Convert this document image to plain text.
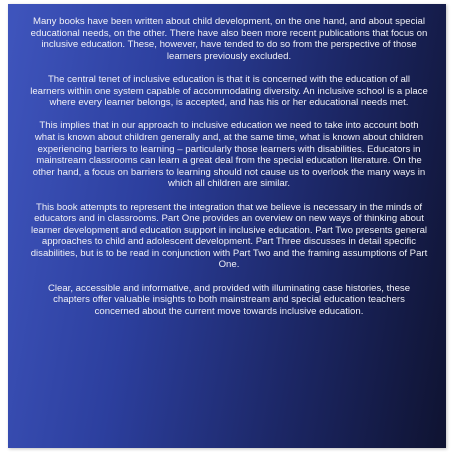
Many books have been written about child development, on the one hand, and about special educational needs, on the other. There have also been more recent publications that focus on inclusive education. These, however, have tended to do so from the perspective of those learners previously excluded.

The central tenet of inclusive education is that it is concerned with the education of all learners within one system capable of accommodating diversity. An inclusive school is a place where every learner belongs, is accepted, and has his or her educational needs met.

This implies that in our approach to inclusive education we need to take into account both what is known about children generally and, at the same time, what is known about children experiencing barriers to learning – particularly those learners with disabilities. Educators in mainstream classrooms can learn a great deal from the special education literature. On the other hand, a focus on barriers to learning should not cause us to overlook the many ways in which all children are similar.

This book attempts to represent the integration that we believe is necessary in the minds of educators and in classrooms. Part One provides an overview on new ways of thinking about learner development and education support in inclusive education. Part Two presents general approaches to child and adolescent development. Part Three discusses in detail specific disabilities, but is to be read in conjunction with Part Two and the framing assumptions of Part One.

Clear, accessible and informative, and provided with illuminating case histories, these chapters offer valuable insights to both mainstream and special education teachers concerned about the current move towards inclusive education.
